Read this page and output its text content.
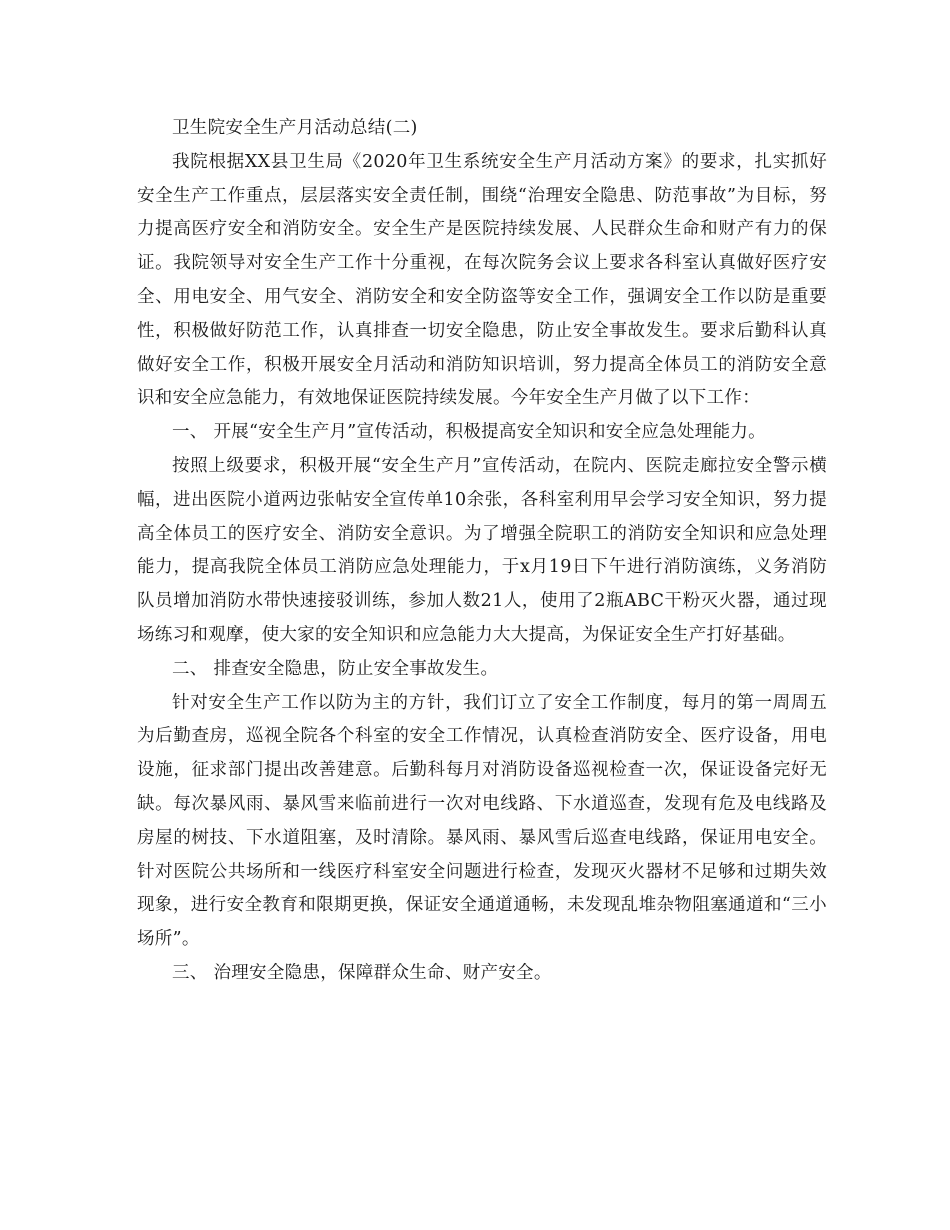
卫生院安全生产月活动总结(二)

我院根据XX县卫生局《2020年卫生系统安全生产月活动方案》的要求，扎实抓好安全生产工作重点，层层落实安全责任制，围绕“治理安全隐患、防范事故”为目标，努力提高医疗安全和消防安全。安全生产是医院持续发展、人民群众生命和财产有力的保证。我院领导对安全生产工作十分重视，在每次院务会议上要求各科室认真做好医疗安全、用电安全、用气安全、消防安全和安全防盗等安全工作，强调安全工作以防是重要性，积极做好防范工作，认真排查一切安全隐患，防止安全事故发生。要求后勤科认真做好安全工作，积极开展安全月活动和消防知识培训，努力提高全体员工的消防安全意识和安全应急能力，有效地保证医院持续发展。今年安全生产月做了以下工作：

一、 开展“安全生产月”宣传活动，积极提高安全知识和安全应急处理能力。

按照上级要求，积极开展“安全生产月”宣传活动，在院内、医院走廊拉安全警示横幅，进出医院小道两边张帖安全宣传单10余张，各科室利用早会学习安全知识，努力提高全体员工的医疗安全、消防安全意识。为了增强全院职工的消防安全知识和应急处理能力，提高我院全体员工消防应急处理能力，于x月19日下午进行消防演练，义务消防队员增加消防水带快速接驳训练，参加人数21人，使用了2瓶ABC干粉灭火器，通过现场练习和观摩，使大家的安全知识和应急能力大大提高，为保证安全生产打好基础。

二、 排查安全隐患，防止安全事故发生。

针对安全生产工作以防为主的方针，我们订立了安全工作制度，每月的第一周周五为后勤查房，巡视全院各个科室的安全工作情况，认真检查消防安全、医疗设备，用电设施，征求部门提出改善建意。后勤科每月对消防设备巡视检查一次，保证设备完好无缺。每次暴风雨、暴风雪来临前进行一次对电线路、下水道巡查，发现有危及电线路及房屋的树技、下水道阻塞，及时清除。暴风雨、暴风雪后巡查电线路，保证用电安全。针对医院公共场所和一线医疗科室安全问题进行检查，发现灭火器材不足够和过期失效现象，进行安全教育和限期更换，保证安全通道通畅，未发现乱堆杂物阻塞通道和“三小场所”。

三、 治理安全隐患，保障群众生命、财产安全。
